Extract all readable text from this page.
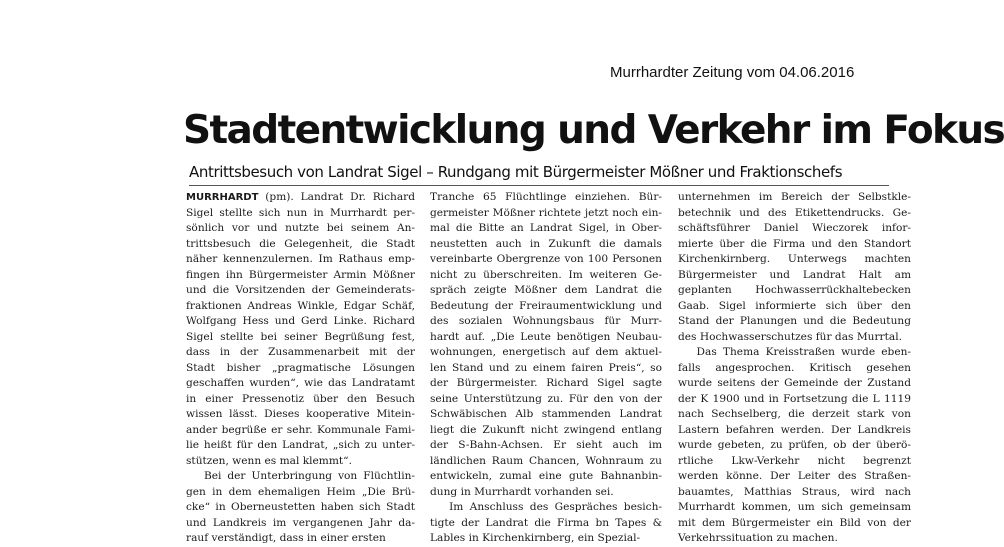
Murrhardter Zeitung vom 04.06.2016
Stadtentwicklung und Verkehr im Fokus
Antrittsbesuch von Landrat Sigel – Rundgang mit Bürgermeister Mößner und Fraktionschefs
MURRHARDT (pm). Landrat Dr. Richard
Sigel stellte sich nun in Murrhardt per-
sönlich vor und nutzte bei seinem An-
trittsbesuch die Gelegenheit, die Stadt
näher kennenzulernen. Im Rathaus emp-
fingen ihn Bürgermeister Armin Mößner
und die Vorsitzenden der Gemeinderats-
fraktionen Andreas Winkle, Edgar Schäf,
Wolfgang Hess und Gerd Linke. Richard
Sigel stellte bei seiner Begrüßung fest,
dass in der Zusammenarbeit mit der
Stadt bisher „pragmatische Lösungen
geschaffen wurden“, wie das Landratamt
in einer Pressenotiz über den Besuch
wissen lässt. Dieses kooperative Mitein-
ander begrüße er sehr. Kommunale Fami-
lie heißt für den Landrat, „sich zu unter-
stützen, wenn es mal klemmt“.
Bei der Unterbringung von Flüchtlin-
gen in dem ehemaligen Heim „Die Brü-
cke“ in Oberneustetten haben sich Stadt
und Landkreis im vergangenen Jahr da-
rauf verständigt, dass in einer ersten
Tranche 65 Flüchtlinge einziehen. Bür-
germeister Mößner richtete jetzt noch ein-
mal die Bitte an Landrat Sigel, in Ober-
neustetten auch in Zukunft die damals
vereinbarte Obergrenze von 100 Personen
nicht zu überschreiten. Im weiteren Ge-
spräch zeigte Mößner dem Landrat die
Bedeutung der Freiraumentwicklung und
des sozialen Wohnungsbaus für Murr-
hardt auf. „Die Leute benötigen Neubau-
wohnungen, energetisch auf dem aktuel-
len Stand und zu einem fairen Preis“, so
der Bürgermeister. Richard Sigel sagte
seine Unterstützung zu. Für den von der
Schwäbischen Alb stammenden Landrat
liegt die Zukunft nicht zwingend entlang
der S-Bahn-Achsen. Er sieht auch im
ländlichen Raum Chancen, Wohnraum zu
entwickeln, zumal eine gute Bahnanbin-
dung in Murrhardt vorhanden sei.
Im Anschluss des Gespräches besich-
tigte der Landrat die Firma bn Tapes &
Lables in Kirchenkirnberg, ein Spezial-
unternehmen im Bereich der Selbstkle-
betechnik und des Etikettendrucks. Ge-
schäftsführer Daniel Wieczorek infor-
mierte über die Firma und den Standort
Kirchenkirnberg. Unterwegs machten
Bürgermeister und Landrat Halt am
geplanten Hochwasserrückhaltebecken
Gaab. Sigel informierte sich über den
Stand der Planungen und die Bedeutung
des Hochwasserschutzes für das Murrtal.
Das Thema Kreisstraßen wurde eben-
falls angesprochen. Kritisch gesehen
wurde seitens der Gemeinde der Zustand
der K 1900 und in Fortsetzung die L 1119
nach Sechselberg, die derzeit stark von
Lastern befahren werden. Der Landkreis
wurde gebeten, zu prüfen, ob der überö-
rtliche Lkw-Verkehr nicht begrenzt
werden könne. Der Leiter des Straßen-
bauamtes, Matthias Straus, wird nach
Murrhardt kommen, um sich gemeinsam
mit dem Bürgermeister ein Bild von der
Verkehrssituation zu machen.
